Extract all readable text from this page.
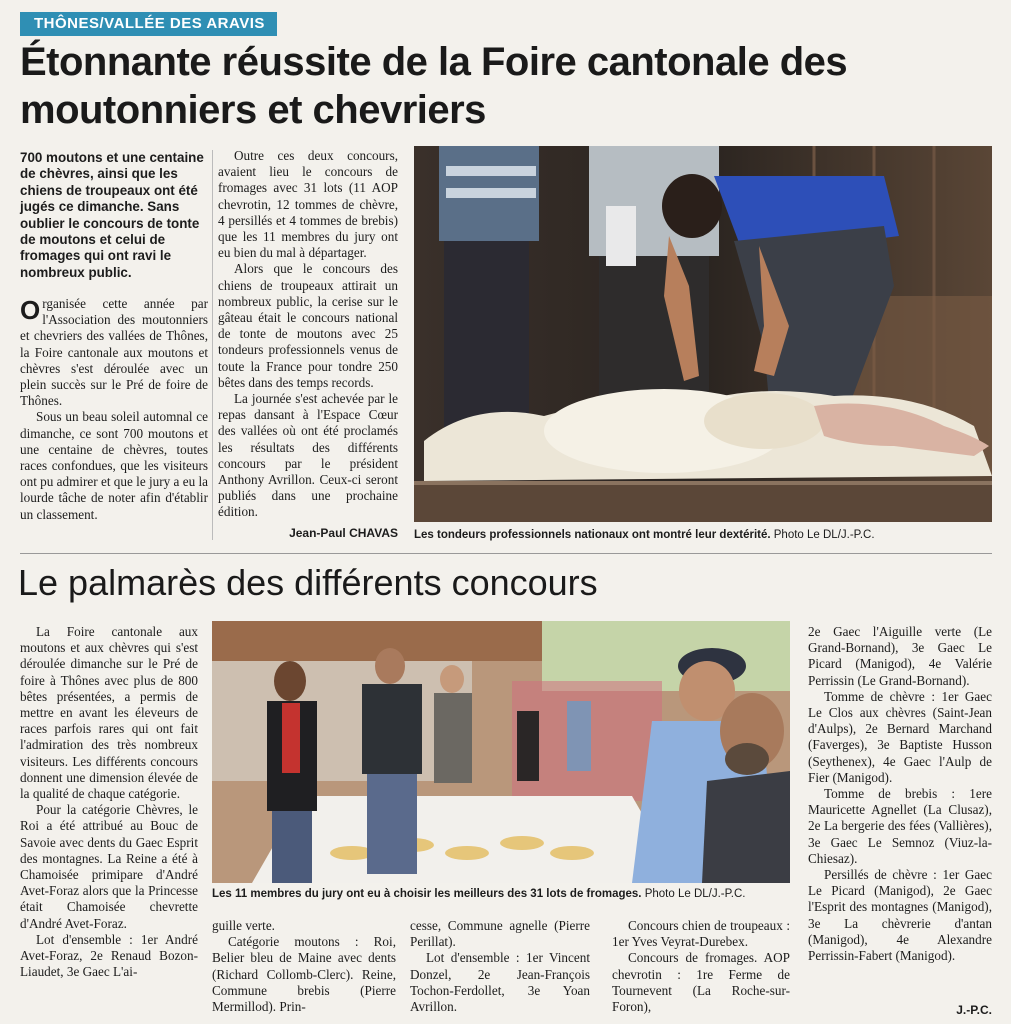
THÔNES/VALLÉE DES ARAVIS
Étonnante réussite de la Foire cantonale des moutonniers et chevriers
700 moutons et une centaine de chèvres, ainsi que les chiens de troupeaux ont été jugés ce dimanche. Sans oublier le concours de tonte de moutons et celui de fromages qui ont ravi le nombreux public.

Organisée cette année par l'Association des moutonniers et chevriers des vallées de Thônes, la Foire cantonale aux moutons et chèvres s'est déroulée avec un plein succès sur le Pré de foire de Thônes.

Sous un beau soleil automnal ce dimanche, ce sont 700 moutons et une centaine de chèvres, toutes races confondues, que les visiteurs ont pu admirer et que le jury a eu la lourde tâche de noter afin d'établir un classement.

Outre ces deux concours, avaient lieu le concours de fromages avec 31 lots (11 AOP chevrotin, 12 tommes de chèvre, 4 persillés et 4 tommes de brebis) que les 11 membres du jury ont eu bien du mal à départager.

Alors que le concours des chiens de troupeaux attirait un nombreux public, la cerise sur le gâteau était le concours national de tonte de moutons avec 25 tondeurs professionnels venus de toute la France pour tondre 250 bêtes dans des temps records.

La journée s'est achevée par le repas dansant à l'Espace Cœur des vallées où ont été proclamés les résultats des différents concours par le président Anthony Avrillon. Ceux-ci seront publiés dans une prochaine édition.

Jean-Paul CHAVAS Les tondeurs professionnels nationaux ont montré leur dextérité. Photo Le DL/J.-P.C.
Le palmarès des différents concours

La Foire cantonale aux moutons et aux chèvres qui s'est déroulée dimanche sur le Pré de foire à Thônes avec plus de 800 bêtes présentées, a permis de mettre en avant les éleveurs de races parfois rares qui ont fait l'admiration des très nombreux visiteurs. Les différents concours donnent une dimension élevée de la qualité de chaque catégorie.

Pour la catégorie Chèvres, le Roi a été attribué au Bouc de Savoie avec dents du Gaec Esprit des montagnes. La Reine a été à Chamoisée primipare d'André Avet-Foraz alors que la Princesse était Chamoisée chevrette d'André Avet-Foraz.

Lot d'ensemble : 1er André Avet-Foraz, 2e Renaud Bozon-Liaudet, 3e Gaec L'ai-

Les 11 membres du jury ont eu à choisir les meilleurs des 31 lots de fromages. Photo Le DL/J.-P.C.

guille verte.

Catégorie moutons : Roi, Belier bleu de Maine avec dents (Richard Collomb-Clerc). Reine, Commune brebis (Pierre Mermillod). Prin-

cesse, Commune agnelle (Pierre Perillat).

Lot d'ensemble : 1er Vincent Donzel, 2e Jean-François Tochon-Ferdollet, 3e Yoan Avrillon.

Concours chien de troupeaux : 1er Yves Veyrat-Durebex.

Concours de fromages. AOP chevrotin : 1re Ferme de Tournevent (La Roche-sur-Foron),

2e Gaec l'Aiguille verte (Le Grand-Bornand), 3e Gaec Le Picard (Manigod), 4e Valérie Perrissin (Le Grand-Bornand).

Tomme de chèvre : 1er Gaec Le Clos aux chèvres (Saint-Jean d'Aulps), 2e Bernard Marchand (Faverges), 3e Baptiste Husson (Seythenex), 4e Gaec l'Aulp de Fier (Manigod).

Tomme de brebis : 1ere Mauricette Agnellet (La Clusaz), 2e La bergerie des fées (Vallières), 3e Gaec Le Semnoz (Viuz-la-Chiesaz).

Persillés de chèvre : 1er Gaec Le Picard (Manigod), 2e Gaec l'Esprit des montagnes (Manigod), 3e La chèvrerie d'antan (Manigod), 4e Alexandre Perrissin-Fabert (Manigod).

J.-P.C.
